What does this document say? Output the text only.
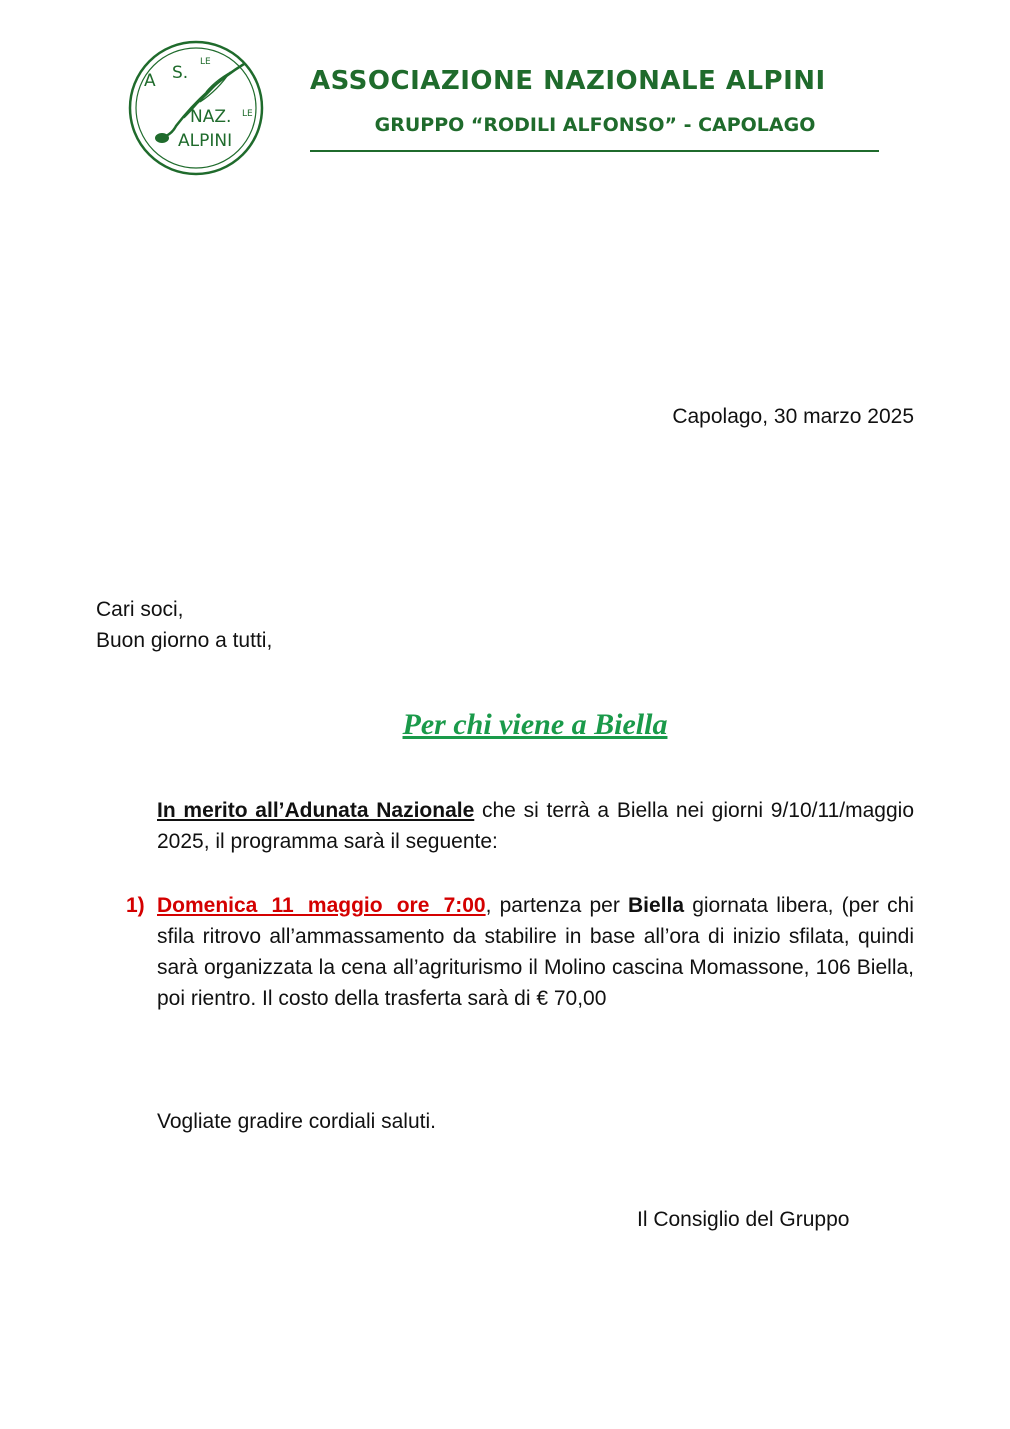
A S.
LE
NAZ. LE
ALPINI
ASSOCIAZIONE NAZIONALE ALPINI
GRUPPO “RODILI ALFONSO” - CAPOLAGO
Capolago, 30 marzo 2025
Cari soci,
Buon giorno a tutti,
Per chi viene a Biella
In merito all’Adunata Nazionale che si terrà a Biella nei giorni 9/10/11/maggio 2025, il programma sarà il seguente:
1) Domenica 11 maggio ore 7:00, partenza per Biella giornata libera, (per chi sfila ritrovo all’ammassamento da stabilire in base all’ora di inizio sfilata, quindi sarà organizzata la cena all’agriturismo il Molino cascina Momassone, 106 Biella, poi rientro. Il costo della trasferta sarà di € 70,00
Vogliate gradire cordiali saluti.
Il Consiglio del Gruppo
